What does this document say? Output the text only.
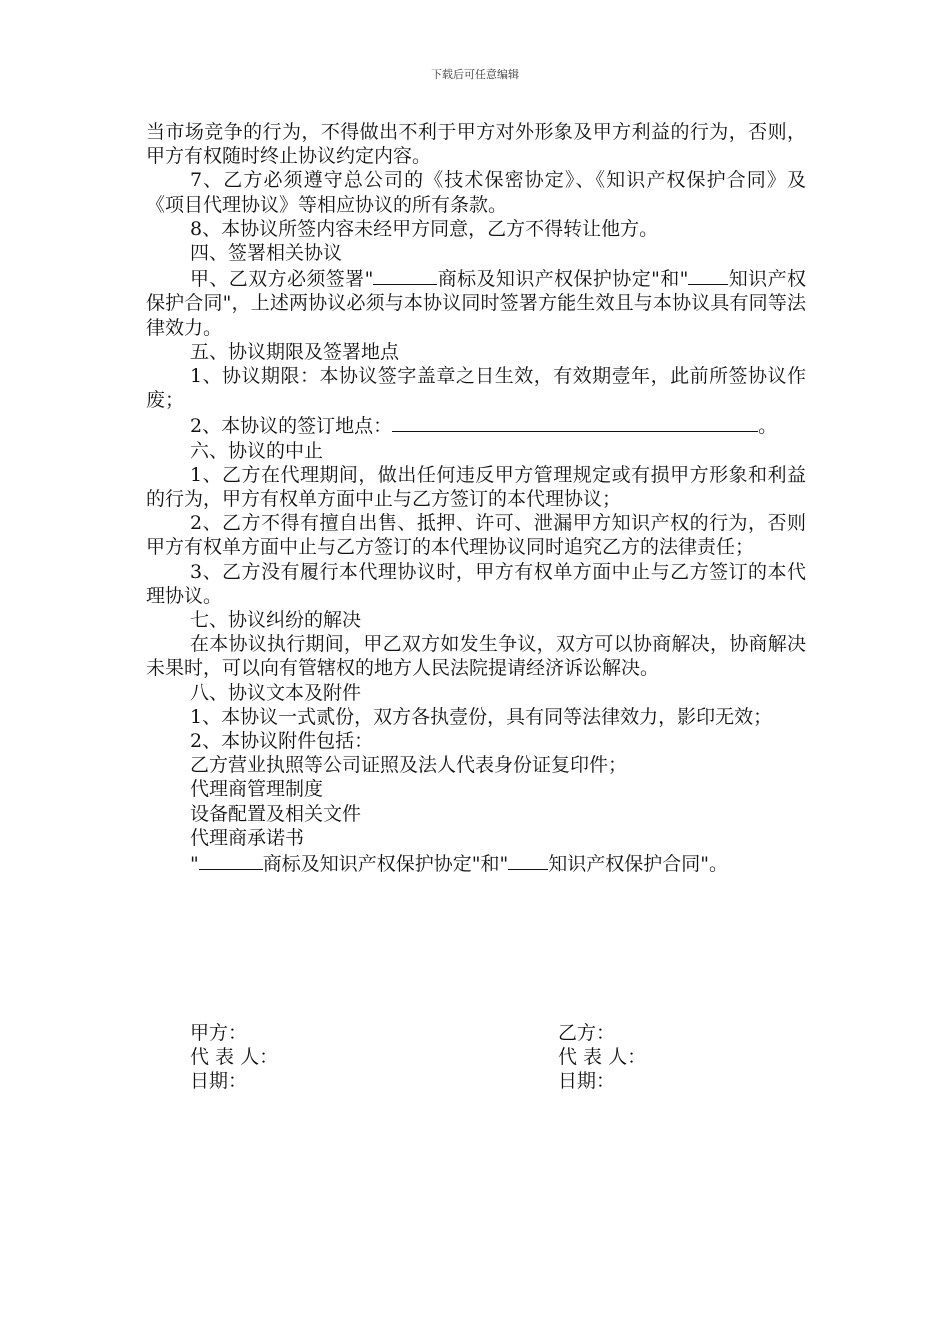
下载后可任意编辑

当市场竞争的行为，不得做出不利于甲方对外形象及甲方利益的行为，否则，甲方有权随时终止协议约定内容。

7、乙方必须遵守总公司的《技术保密协定》、《知识产权保护合同》及《项目代理协议》等相应协议的所有条款。

8、本协议所签内容未经甲方同意，乙方不得转让他方。

四、签署相关协议

甲、乙双方必须签署"	商标及知识产权保护协定"和" 知识产权保护合同"，上述两协议必须与本协议同时签署方能生效且与本协议具有同等法律效力。

五、协议期限及签署地点

1、协议期限：本协议签字盖章之日生效，有效期壹年，此前所签协议作废；

2、本协议的签订地点：	。

六、协议的中止

1、乙方在代理期间，做出任何违反甲方管理规定或有损甲方形象和利益的行为，甲方有权单方面中止与乙方签订的本代理协议；

2、乙方不得有擅自出售、抵押、许可、泄漏甲方知识产权的行为，否则甲方有权单方面中止与乙方签订的本代理协议同时追究乙方的法律责任；

3、乙方没有履行本代理协议时，甲方有权单方面中止与乙方签订的本代理协议。

七、协议纠纷的解决

在本协议执行期间，甲乙双方如发生争议，双方可以协商解决，协商解决未果时，可以向有管辖权的地方人民法院提请经济诉讼解决。

八、协议文本及附件

1、本协议一式贰份，双方各执壹份，具有同等法律效力，影印无效；

2、本协议附件包括：

乙方营业执照等公司证照及法人代表身份证复印件；

代理商管理制度

设备配置及相关文件

代理商承诺书

"	商标及知识产权保护协定"和" 知识产权保护合同"。

甲方：	乙方：
代 表 人：	代 表 人：
日期：	日期：
